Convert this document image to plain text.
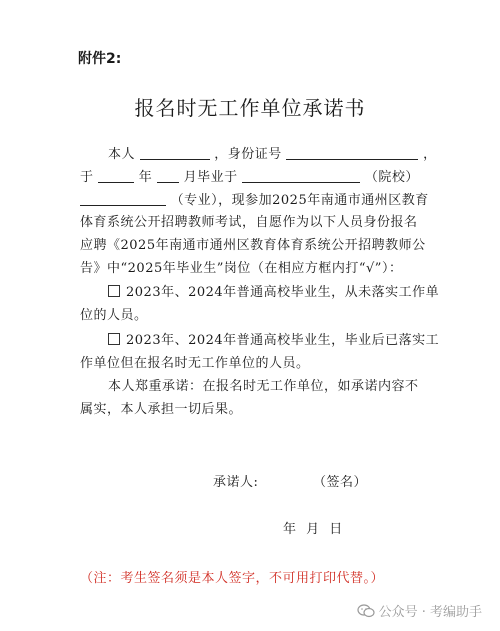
附件2:
报名时无工作单位承诺书
本人	，身份证号	，
于	年 月毕业于	（院校）
（专业），现参加2025年南通市通州区教育
体育系统公开招聘教师考试，自愿作为以下人员身份报名
应聘《2025年南通市通州区教育体育系统公开招聘教师公
告》中“2025年毕业生”岗位（在相应方框内打“√”）：
2023年、2024年普通高校毕业生，从未落实工作单
位的人员。
2023年、2024年普通高校毕业生，毕业后已落实工
作单位但在报名时无工作单位的人员。
本人郑重承诺：在报名时无工作单位，如承诺内容不
属实，本人承担一切后果。
承诺人:	（签名）
年 月 日
（注：考生签名须是本人签字，不可用打印代替。）
公众号 · 考编助手
